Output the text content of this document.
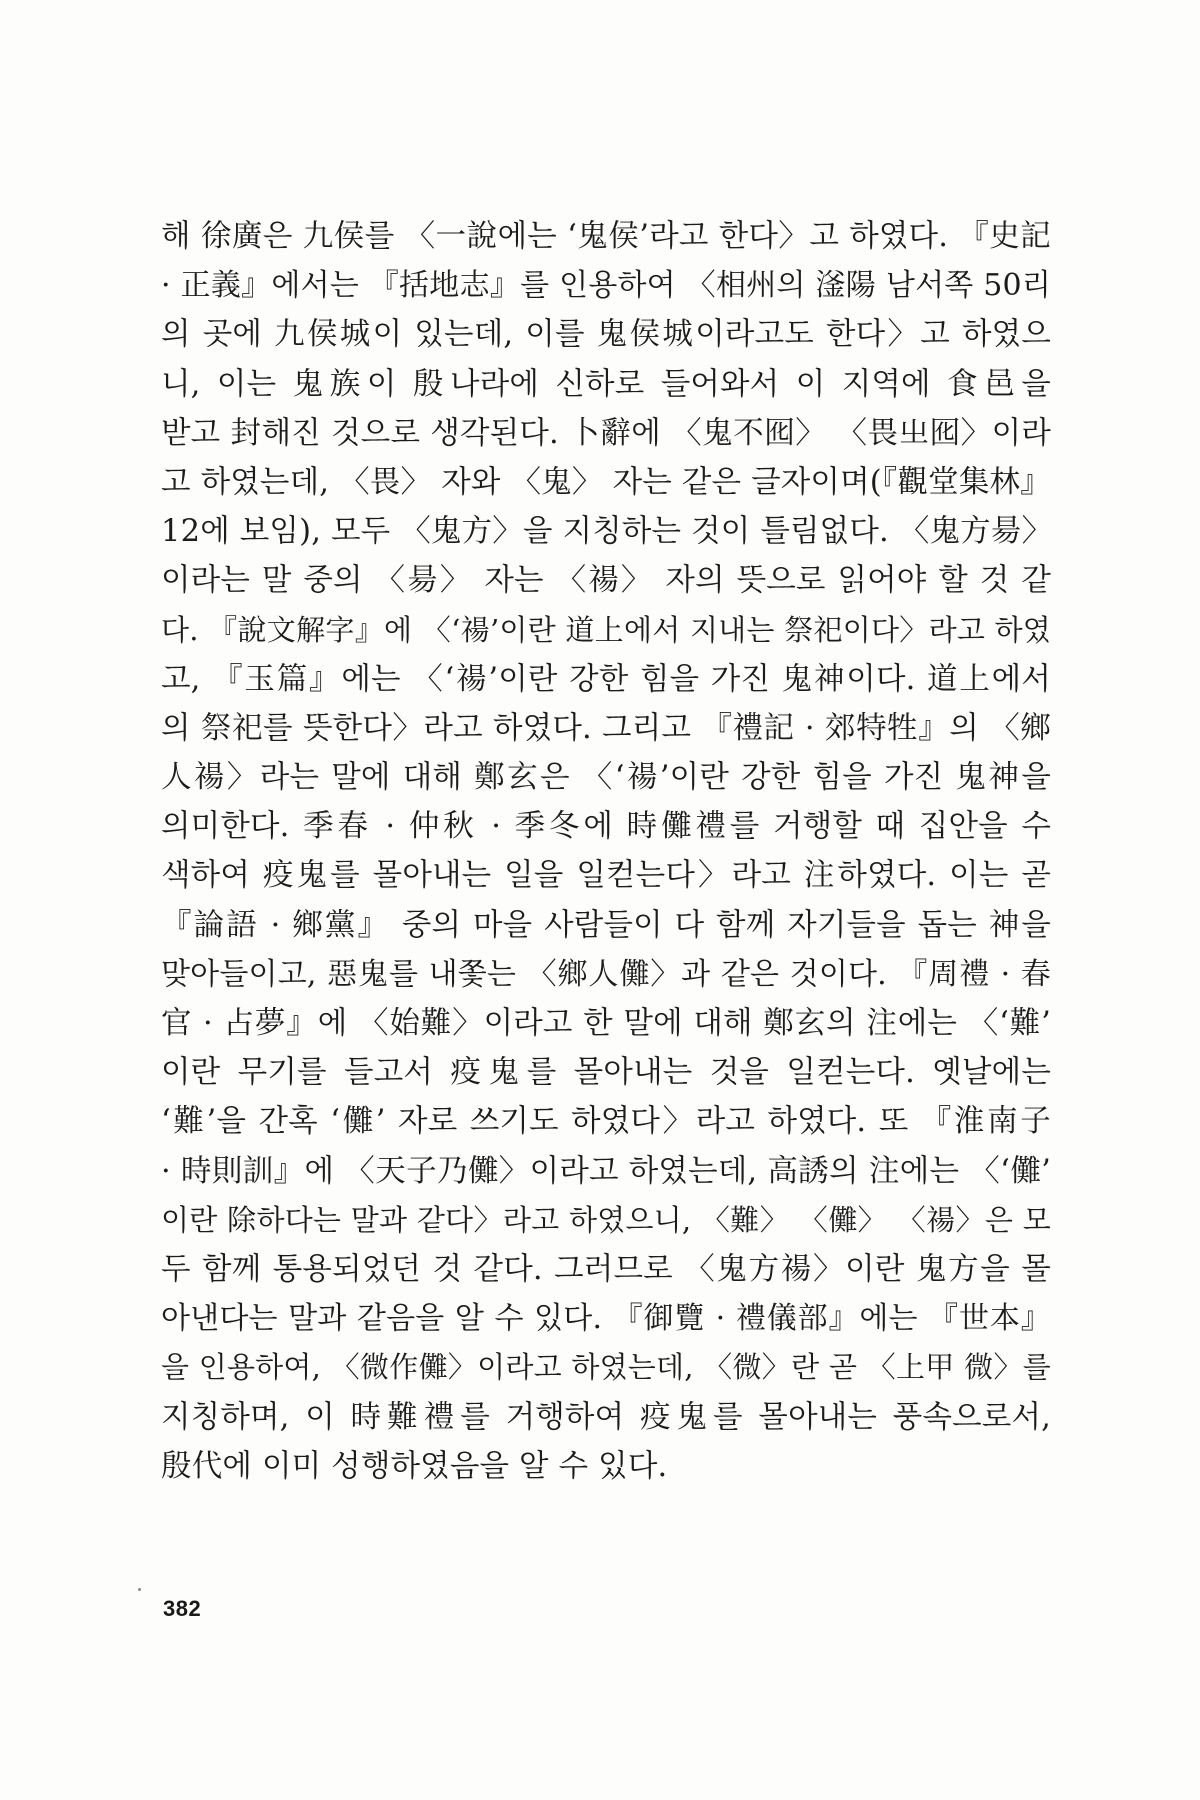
해 徐廣은 九侯를 〈一說에는 ‘鬼侯’라고 한다〉고 하였다. 『史記
· 正義』에서는 『括地志』를 인용하여 〈相州의 滏陽 남서쪽 50리
의 곳에 九侯城이 있는데, 이를 鬼侯城이라고도 한다〉고 하였으
니, 이는 鬼族이 殷나라에 신하로 들어와서 이 지역에 食邑을
받고 封해진 것으로 생각된다. 卜辭에 〈鬼不囮〉 〈畏㞢囮〉이라
고 하였는데, 〈畏〉 자와 〈鬼〉 자는 같은 글자이며(『觀堂集林』
12에 보임), 모두 〈鬼方〉을 지칭하는 것이 틀림없다. 〈鬼方昜〉
이라는 말 중의 〈昜〉 자는 〈禓〉 자의 뜻으로 읽어야 할 것 같
다. 『說文解字』에 〈‘禓’이란 道上에서 지내는 祭祀이다〉라고 하였
고, 『玉篇』에는 〈‘禓’이란 강한 힘을 가진 鬼神이다. 道上에서
의 祭祀를 뜻한다〉라고 하였다. 그리고 『禮記 · 郊特牲』의 〈鄉
人禓〉라는 말에 대해 鄭玄은 〈‘禓’이란 강한 힘을 가진 鬼神을
의미한다. 季春 · 仲秋 · 季冬에 時儺禮를 거행할 때 집안을 수
색하여 疫鬼를 몰아내는 일을 일컫는다〉라고 注하였다. 이는 곧
『論語 · 鄉黨』 중의 마을 사람들이 다 함께 자기들을 돕는 神을
맞아들이고, 惡鬼를 내쫓는 〈鄉人儺〉과 같은 것이다. 『周禮 · 春
官 · 占夢』에 〈始難〉이라고 한 말에 대해 鄭玄의 注에는 〈‘難’
이란 무기를 들고서 疫鬼를 몰아내는 것을 일컫는다. 옛날에는
‘難’을 간혹 ‘儺’ 자로 쓰기도 하였다〉라고 하였다. 또 『淮南子
· 時則訓』에 〈天子乃儺〉이라고 하였는데, 高誘의 注에는 〈‘儺’
이란 除하다는 말과 같다〉라고 하였으니, 〈難〉 〈儺〉 〈禓〉은 모
두 함께 통용되었던 것 같다. 그러므로 〈鬼方禓〉이란 鬼方을 몰
아낸다는 말과 같음을 알 수 있다. 『御覽 · 禮儀部』에는 『世本』
을 인용하여, 〈微作儺〉이라고 하였는데, 〈微〉란 곧 〈上甲 微〉를
지칭하며, 이 時難禮를 거행하여 疫鬼를 몰아내는 풍속으로서,
殷代에 이미 성행하였음을 알 수 있다.
382
